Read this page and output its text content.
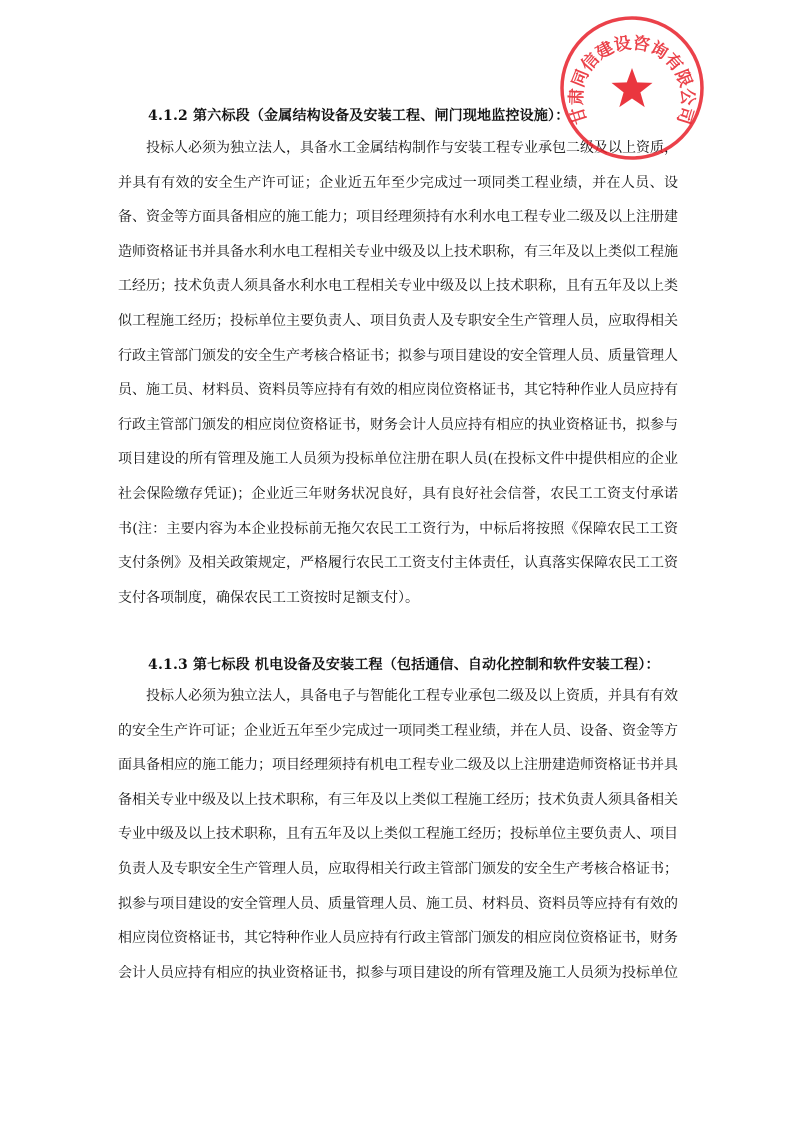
4.1.2 第六标段（金属结构设备及安装工程、闸门现地监控设施）：

投标人必须为独立法人，具备水工金属结构制作与安装工程专业承包二级及以上资质，并具有有效的安全生产许可证；企业近五年至少完成过一项同类工程业绩，并在人员、设备、资金等方面具备相应的施工能力；项目经理须持有水利水电工程专业二级及以上注册建造师资格证书并具备水利水电工程相关专业中级及以上技术职称，有三年及以上类似工程施工经历；技术负责人须具备水利水电工程相关专业中级及以上技术职称，且有五年及以上类似工程施工经历；投标单位主要负责人、项目负责人及专职安全生产管理人员，应取得相关行政主管部门颁发的安全生产考核合格证书；拟参与项目建设的安全管理人员、质量管理人员、施工员、材料员、资料员等应持有有效的相应岗位资格证书，其它特种作业人员应持有行政主管部门颁发的相应岗位资格证书，财务会计人员应持有相应的执业资格证书，拟参与项目建设的所有管理及施工人员须为投标单位注册在职人员(在投标文件中提供相应的企业社会保险缴存凭证)；企业近三年财务状况良好，具有良好社会信誉，农民工工资支付承诺书(注：主要内容为本企业投标前无拖欠农民工工资行为，中标后将按照《保障农民工工资支付条例》及相关政策规定，严格履行农民工工资支付主体责任，认真落实保障农民工工资支付各项制度，确保农民工工资按时足额支付）。

4.1.3 第七标段 机电设备及安装工程（包括通信、自动化控制和软件安装工程）：

投标人必须为独立法人，具备电子与智能化工程专业承包二级及以上资质，并具有有效的安全生产许可证；企业近五年至少完成过一项同类工程业绩，并在人员、设备、资金等方面具备相应的施工能力；项目经理须持有机电工程专业二级及以上注册建造师资格证书并具备相关专业中级及以上技术职称，有三年及以上类似工程施工经历；技术负责人须具备相关专业中级及以上技术职称，且有五年及以上类似工程施工经历；投标单位主要负责人、项目负责人及专职安全生产管理人员，应取得相关行政主管部门颁发的安全生产考核合格证书；拟参与项目建设的安全管理人员、质量管理人员、施工员、材料员、资料员等应持有有效的相应岗位资格证书，其它特种作业人员应持有行政主管部门颁发的相应岗位资格证书，财务会计人员应持有相应的执业资格证书，拟参与项目建设的所有管理及施工人员须为投标单位

甘肃同信建设咨询有限公司
